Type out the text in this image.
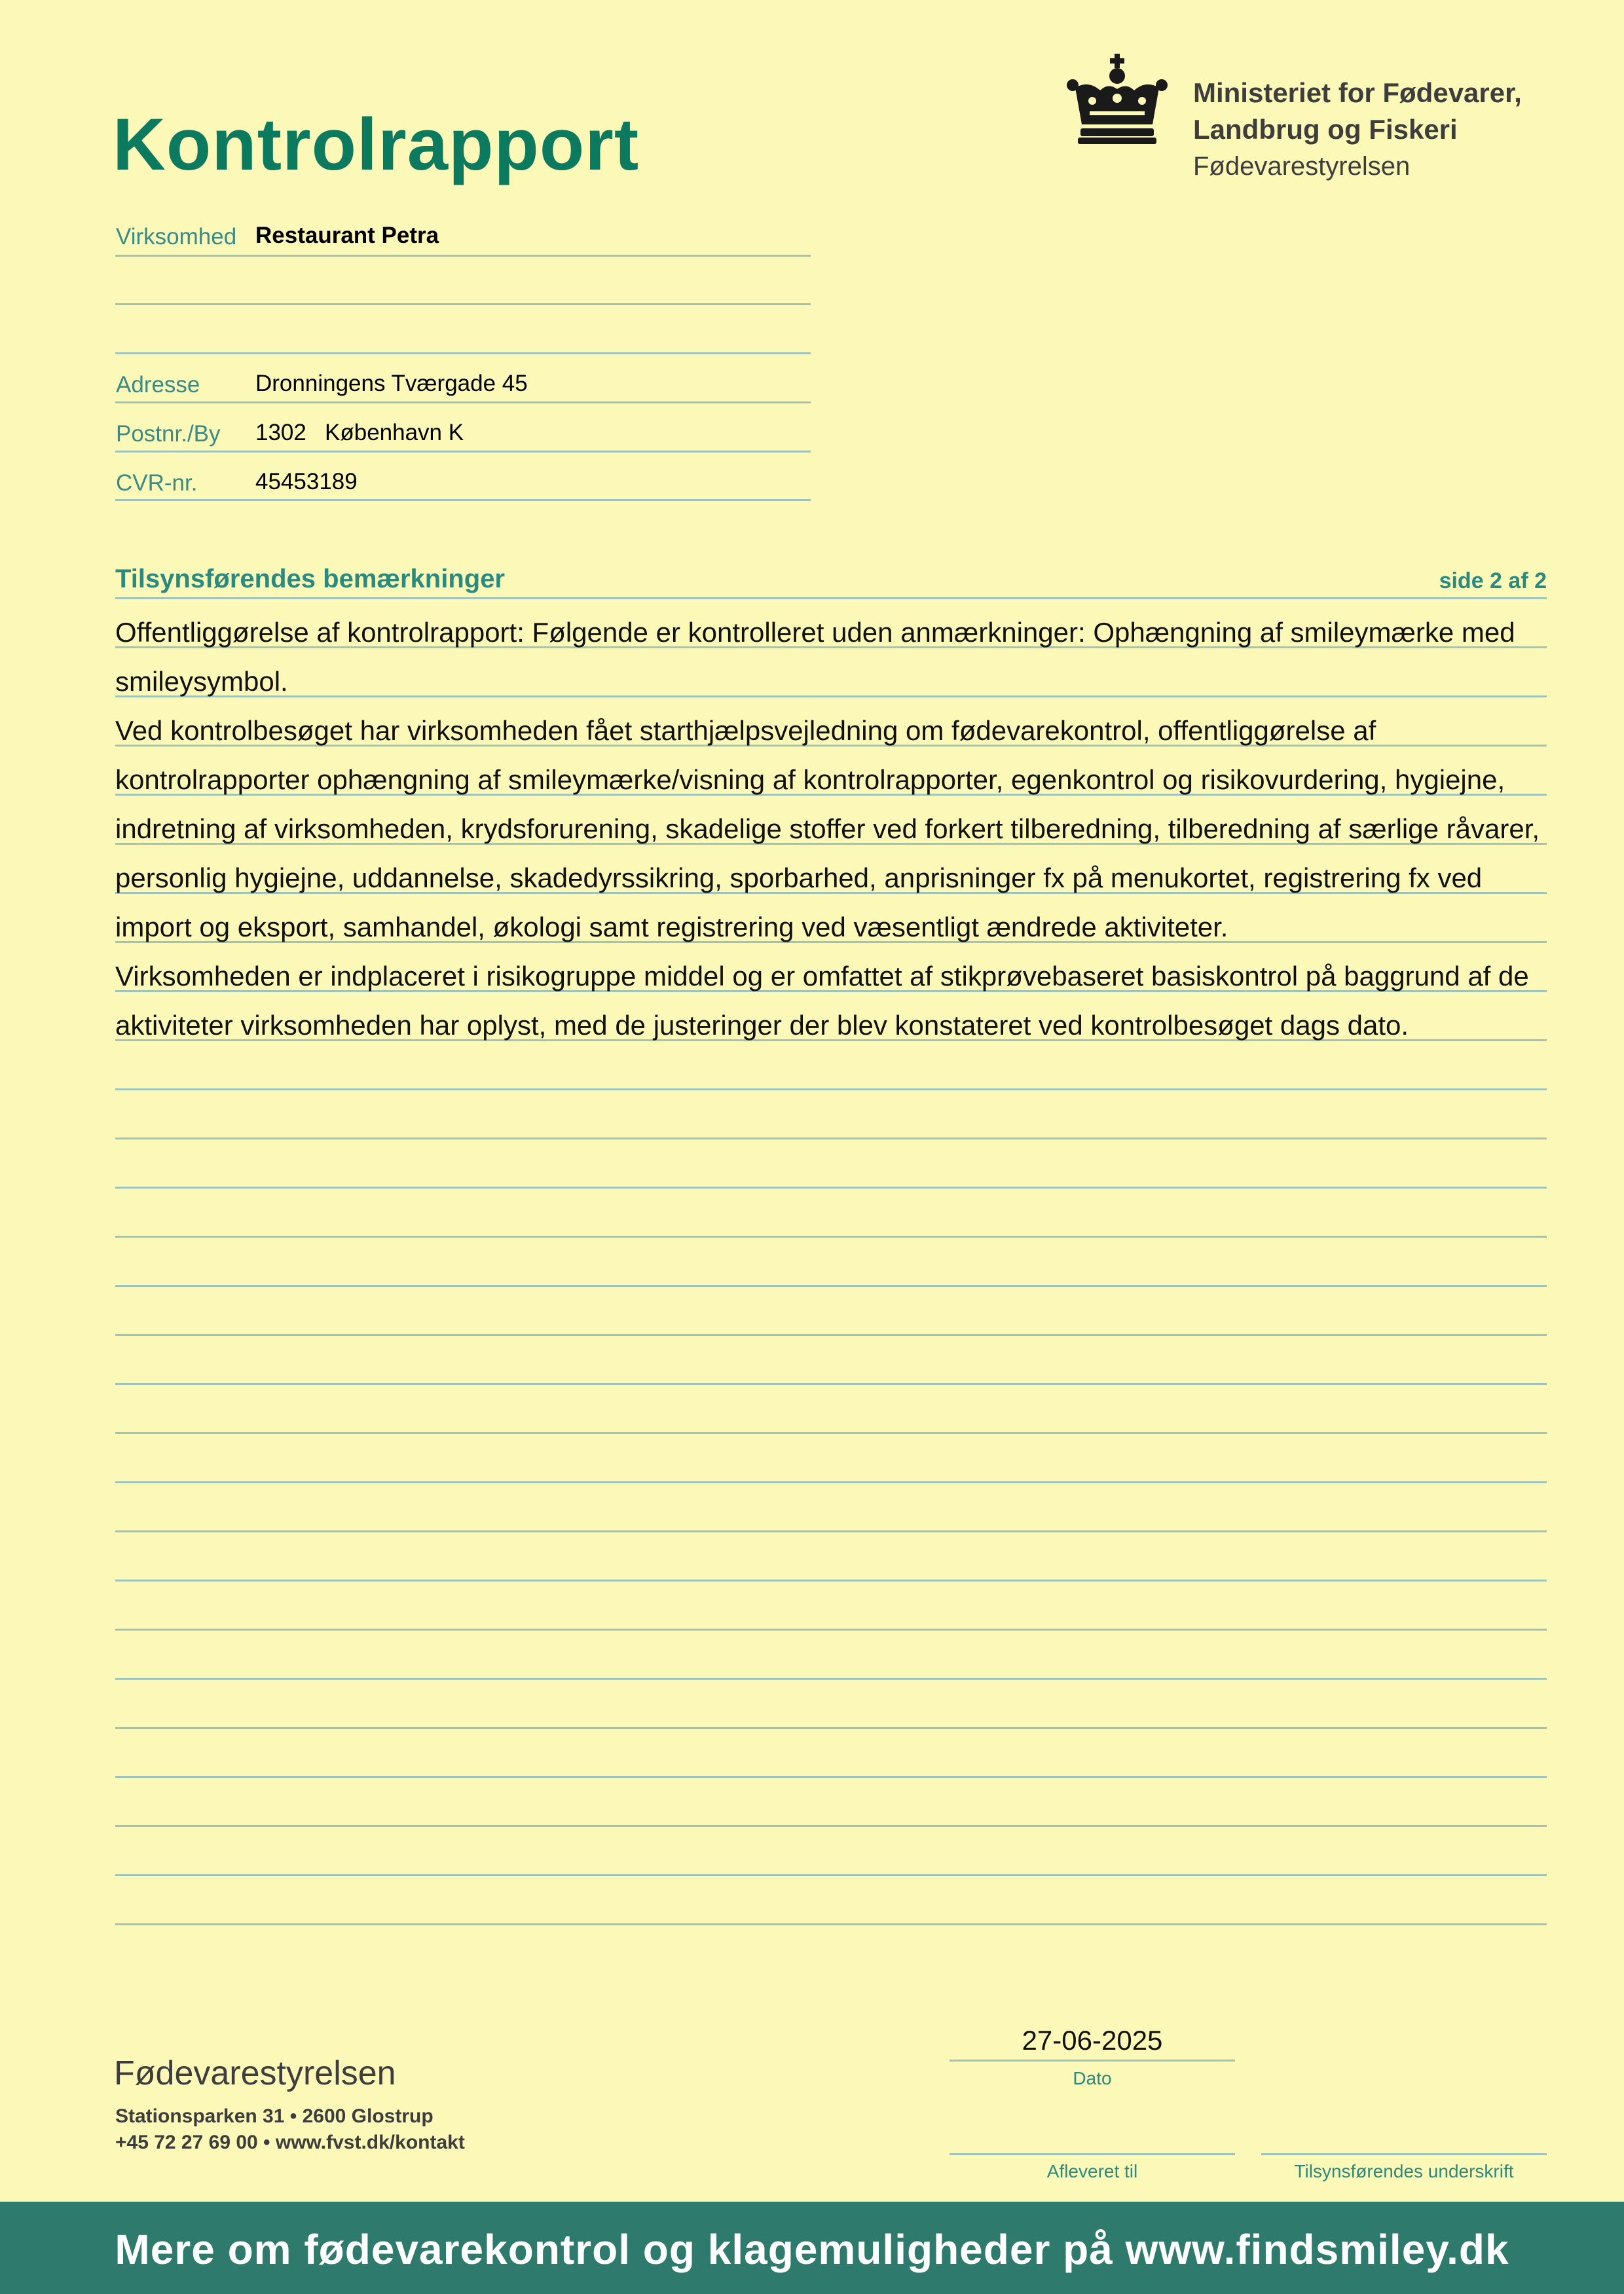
Kontrolrapport
Ministeriet for Fødevarer,
Landbrug og Fiskeri
Fødevarestyrelsen
Virksomhed Restaurant Petra
Adresse Dronningens Tværgade 45
Postnr./By 1302 København K
CVR-nr.	45453189
Tilsynsførendes bemærkninger	side 2 af 2

Offentliggørelse af kontrolrapport: Følgende er kontrolleret uden anmærkninger: Ophængning af smileymærke med smileysymbol.

Ved kontrolbesøget har virksomheden fået starthjælpsvejledning om fødevarekontrol, offentliggørelse af kontrolrapporter ophængning af smileymærke/visning af kontrolrapporter, egenkontrol og risikovurdering, hygiejne, indretning af virksomheden, krydsforurening, skadelige stoffer ved forkert tilberedning, tilberedning af særlige råvarer, personlig hygiejne, uddannelse, skadedyrssikring, sporbarhed, anprisninger fx på menukortet, registrering fx ved import og eksport, samhandel, økologi samt registrering ved væsentligt ændrede aktiviteter.

Virksomheden er indplaceret i risikogruppe middel og er omfattet af stikprøvebaseret basiskontrol på baggrund af de aktiviteter virksomheden har oplyst, med de justeringer der blev konstateret ved kontrolbesøget dags dato.

Fødevarestyrelsen
Stationsparken 31 • 2600 Glostrup
+45 72 27 69 00 • www.fvst.dk/kontakt
27-06-2025
Dato
Afleveret til	Tilsynsførendes underskrift
Mere om fødevarekontrol og klagemuligheder på www.findsmiley.dk
